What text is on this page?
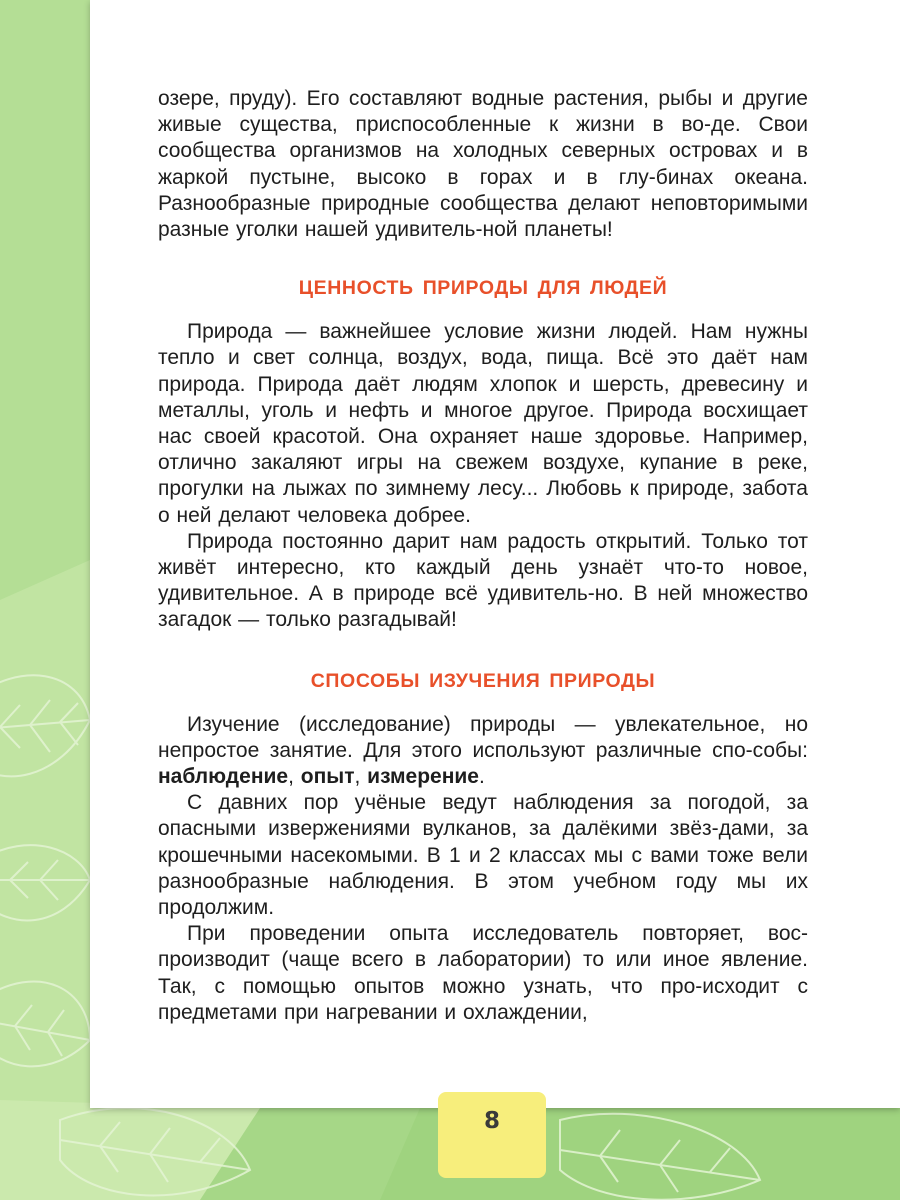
озере, пруду). Его составляют водные растения, рыбы и другие живые существа, приспособленные к жизни в во-де. Свои сообщества организмов на холодных северных островах и в жаркой пустыне, высоко в горах и в глу-бинах океана. Разнообразные природные сообщества делают неповторимыми разные уголки нашей удивитель-ной планеты!

ЦЕННОСТЬ ПРИРОДЫ ДЛЯ ЛЮДЕЙ

Природа — важнейшее условие жизни людей. Нам нужны тепло и свет солнца, воздух, вода, пища. Всё это даёт нам природа. Природа даёт людям хлопок и шерсть, древесину и металлы, уголь и нефть и многое другое. Природа восхищает нас своей красотой. Она охраняет наше здоровье. Например, отлично закаляют игры на свежем воздухе, купание в реке, прогулки на лыжах по зимнему лесу... Любовь к природе, забота о ней делают человека добрее.

Природа постоянно дарит нам радость открытий. Только тот живёт интересно, кто каждый день узнаёт что-то новое, удивительное. А в природе всё удивитель-но. В ней множество загадок — только разгадывай!

СПОСОБЫ ИЗУЧЕНИЯ ПРИРОДЫ

Изучение (исследование) природы — увлекательное, но непростое занятие. Для этого используют различные спо-собы: наблюдение, опыт, измерение.

С давних пор учёные ведут наблюдения за погодой, за опасными извержениями вулканов, за далёкими звёз-дами, за крошечными насекомыми. В 1 и 2 классах мы с вами тоже вели разнообразные наблюдения. В этом учебном году мы их продолжим.

При проведении опыта исследователь повторяет, вос-производит (чаще всего в лаборатории) то или иное явление. Так, с помощью опытов можно узнать, что про-исходит с предметами при нагревании и охлаждении,

8
